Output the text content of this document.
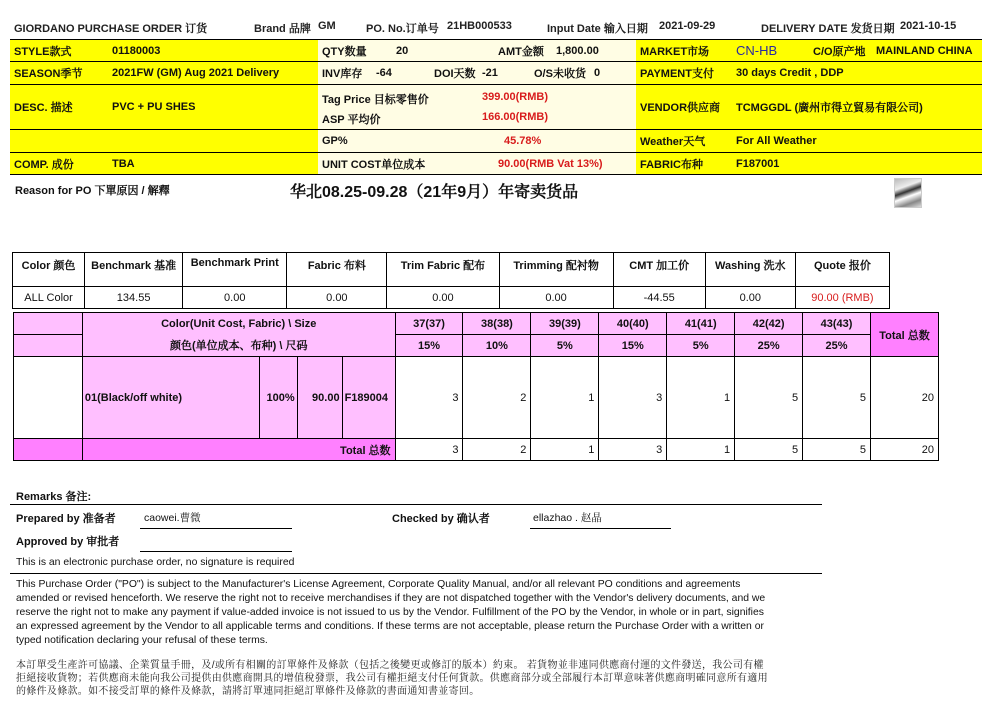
GIORDANO PURCHASE ORDER 订货	Brand 品牌 GM	PO. No.订单号 21HB000533	Input Date 输入日期 2021-09-29	DELIVERY DATE 发货日期 2021-10-15
STYLE款式	01180003	QTY数量	20	AMT金额 1,800.00	MARKET市场 CN-HB	C/O原产地 MAINLAND CHINA
SEASON季节	2021FW (GM) Aug 2021 Delivery	INV库存 -64	DOI天数 -21	O/S未收货 0	PAYMENT支付 30 days Credit , DDP
DESC. 描述	PVC + PU SHES
Tag Price 目标零售价	399.00(RMB)
ASP 平均价	166.00(RMB)
VENDOR供应商 TCMGGDL (廣州市得立貿易有限公司)
GP%	45.78%	Weather天气	For All Weather
COMP. 成份	TBA	UNIT COST单位成本	90.00(RMB Vat 13%)	FABRIC布种	F187001
Reason for PO 下單原因 / 解釋	华北08.25-09.28（21年9月）年寄卖货品
Color 颜色	Benchmark 基准	Benchmark Print	Fabric 布料	Trim Fabric 配布	Trimming 配衬物	CMT 加工价	Washing 洗水	Quote 报价
ALL Color	134.55	0.00	0.00	0.00	0.00	-44.55	0.00	90.00 (RMB)
	Color(Unit Cost, Fabric) \ Size				37(37)	38(38)	39(39)	40(40)	41(41)	42(42)	43(43)	Total 总数
	颜色(单位成本、布种) \ 尺码				15%	10%	5%	15%	5%	25%	25%	
	01(Black/off white)	100%	90.00	F189004	3	2	1	3	1	5	5	20
	Total 总数				3	2	1	3	1	5	5	20
Remarks 备注:
Prepared by 准备者	caowei.曹微	Checked by 确认者	ellazhao . 赵晶
Approved by 审批者
This is an electronic purchase order, no signature is required
This Purchase Order ("PO") is subject to the Manufacturer's License Agreement, Corporate Quality Manual, and/or all relevant PO conditions and agreements
amended or revised henceforth. We reserve the right not to receive merchandises if they are not dispatched together with the Vendor's delivery documents, and we
reserve the right not to make any payment if value-added invoice is not issued to us by the Vendor. Fulfillment of the PO by the Vendor, in whole or in part, signifies
an expressed agreement by the Vendor to all applicable terms and conditions. If these terms are not acceptable, please return the Purchase Order with a written or
typed notification declaring your refusal of these terms.
本訂單受生產許可協議、企業質量手冊，及/或所有相關的訂單條件及條款（包括之後變更或修訂的版本）約束。 若貨物並非連同供應商付運的文件發送，我公司有權
拒絕接收貨物；若供應商未能向我公司提供由供應商開具的增值稅發票，我公司有權拒絕支付任何貨款。供應商部分或全部履行本訂單意味著供應商明確同意所有適用
的條件及條款。如不接受訂單的條件及條款，請將訂單連同拒絕訂單條件及條款的書面通知書並寄回。
